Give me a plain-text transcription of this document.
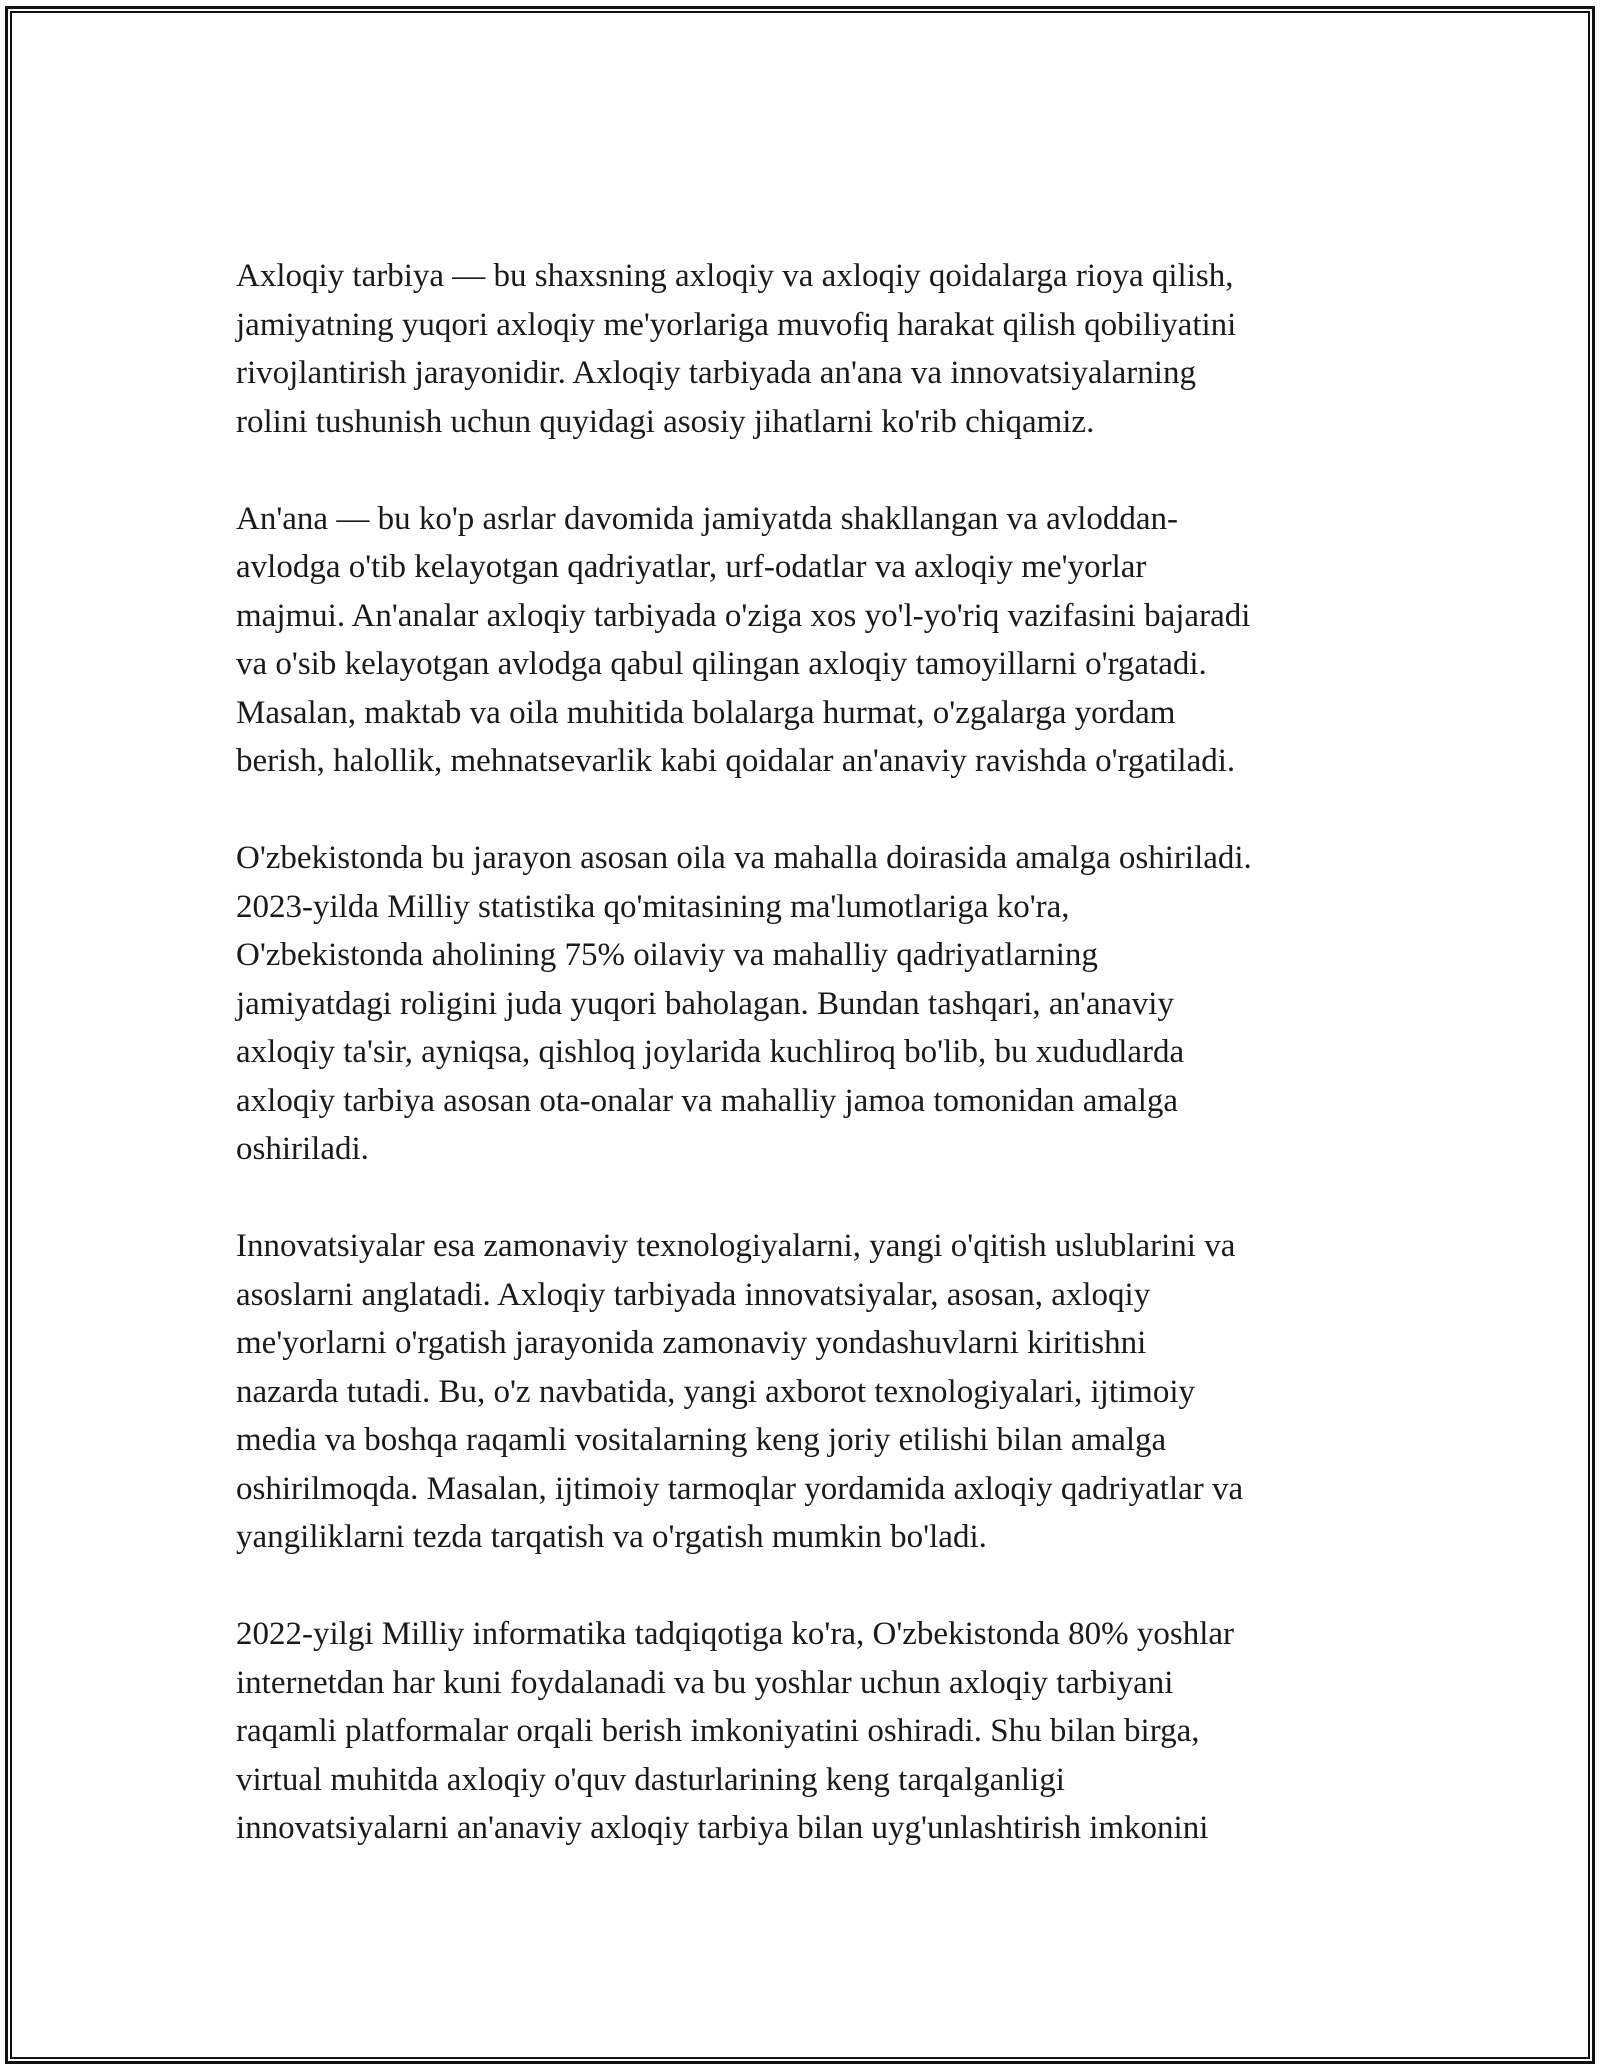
Axloqiy tarbiya — bu shaxsning axloqiy va axloqiy qoidalarga rioya qilish,
jamiyatning yuqori axloqiy me'yorlariga muvofiq harakat qilish qobiliyatini
rivojlantirish jarayonidir. Axloqiy tarbiyada an'ana va innovatsiyalarning
rolini tushunish uchun quyidagi asosiy jihatlarni ko'rib chiqamiz.

An'ana — bu ko'p asrlar davomida jamiyatda shakllangan va avloddan-
avlodga o'tib kelayotgan qadriyatlar, urf-odatlar va axloqiy me'yorlar
majmui. An'analar axloqiy tarbiyada o'ziga xos yo'l-yo'riq vazifasini bajaradi
va o'sib kelayotgan avlodga qabul qilingan axloqiy tamoyillarni o'rgatadi.
Masalan, maktab va oila muhitida bolalarga hurmat, o'zgalarga yordam
berish, halollik, mehnatsevarlik kabi qoidalar an'anaviy ravishda o'rgatiladi.

O'zbekistonda bu jarayon asosan oila va mahalla doirasida amalga oshiriladi.
2023-yilda Milliy statistika qo'mitasining ma'lumotlariga ko'ra,
O'zbekistonda aholining 75% oilaviy va mahalliy qadriyatlarning
jamiyatdagi roligini juda yuqori baholagan. Bundan tashqari, an'anaviy
axloqiy ta'sir, ayniqsa, qishloq joylarida kuchliroq bo'lib, bu xududlarda
axloqiy tarbiya asosan ota-onalar va mahalliy jamoa tomonidan amalga
oshiriladi.

Innovatsiyalar esa zamonaviy texnologiyalarni, yangi o'qitish uslublarini va
asoslarni anglatadi. Axloqiy tarbiyada innovatsiyalar, asosan, axloqiy
me'yorlarni o'rgatish jarayonida zamonaviy yondashuvlarni kiritishni
nazarda tutadi. Bu, o'z navbatida, yangi axborot texnologiyalari, ijtimoiy
media va boshqa raqamli vositalarning keng joriy etilishi bilan amalga
oshirilmoqda. Masalan, ijtimoiy tarmoqlar yordamida axloqiy qadriyatlar va
yangiliklarni tezda tarqatish va o'rgatish mumkin bo'ladi.

2022-yilgi Milliy informatika tadqiqotiga ko'ra, O'zbekistonda 80% yoshlar
internetdan har kuni foydalanadi va bu yoshlar uchun axloqiy tarbiyani
raqamli platformalar orqali berish imkoniyatini oshiradi. Shu bilan birga,
virtual muhitda axloqiy o'quv dasturlarining keng tarqalganligi
innovatsiyalarni an'anaviy axloqiy tarbiya bilan uyg'unlashtirish imkonini
